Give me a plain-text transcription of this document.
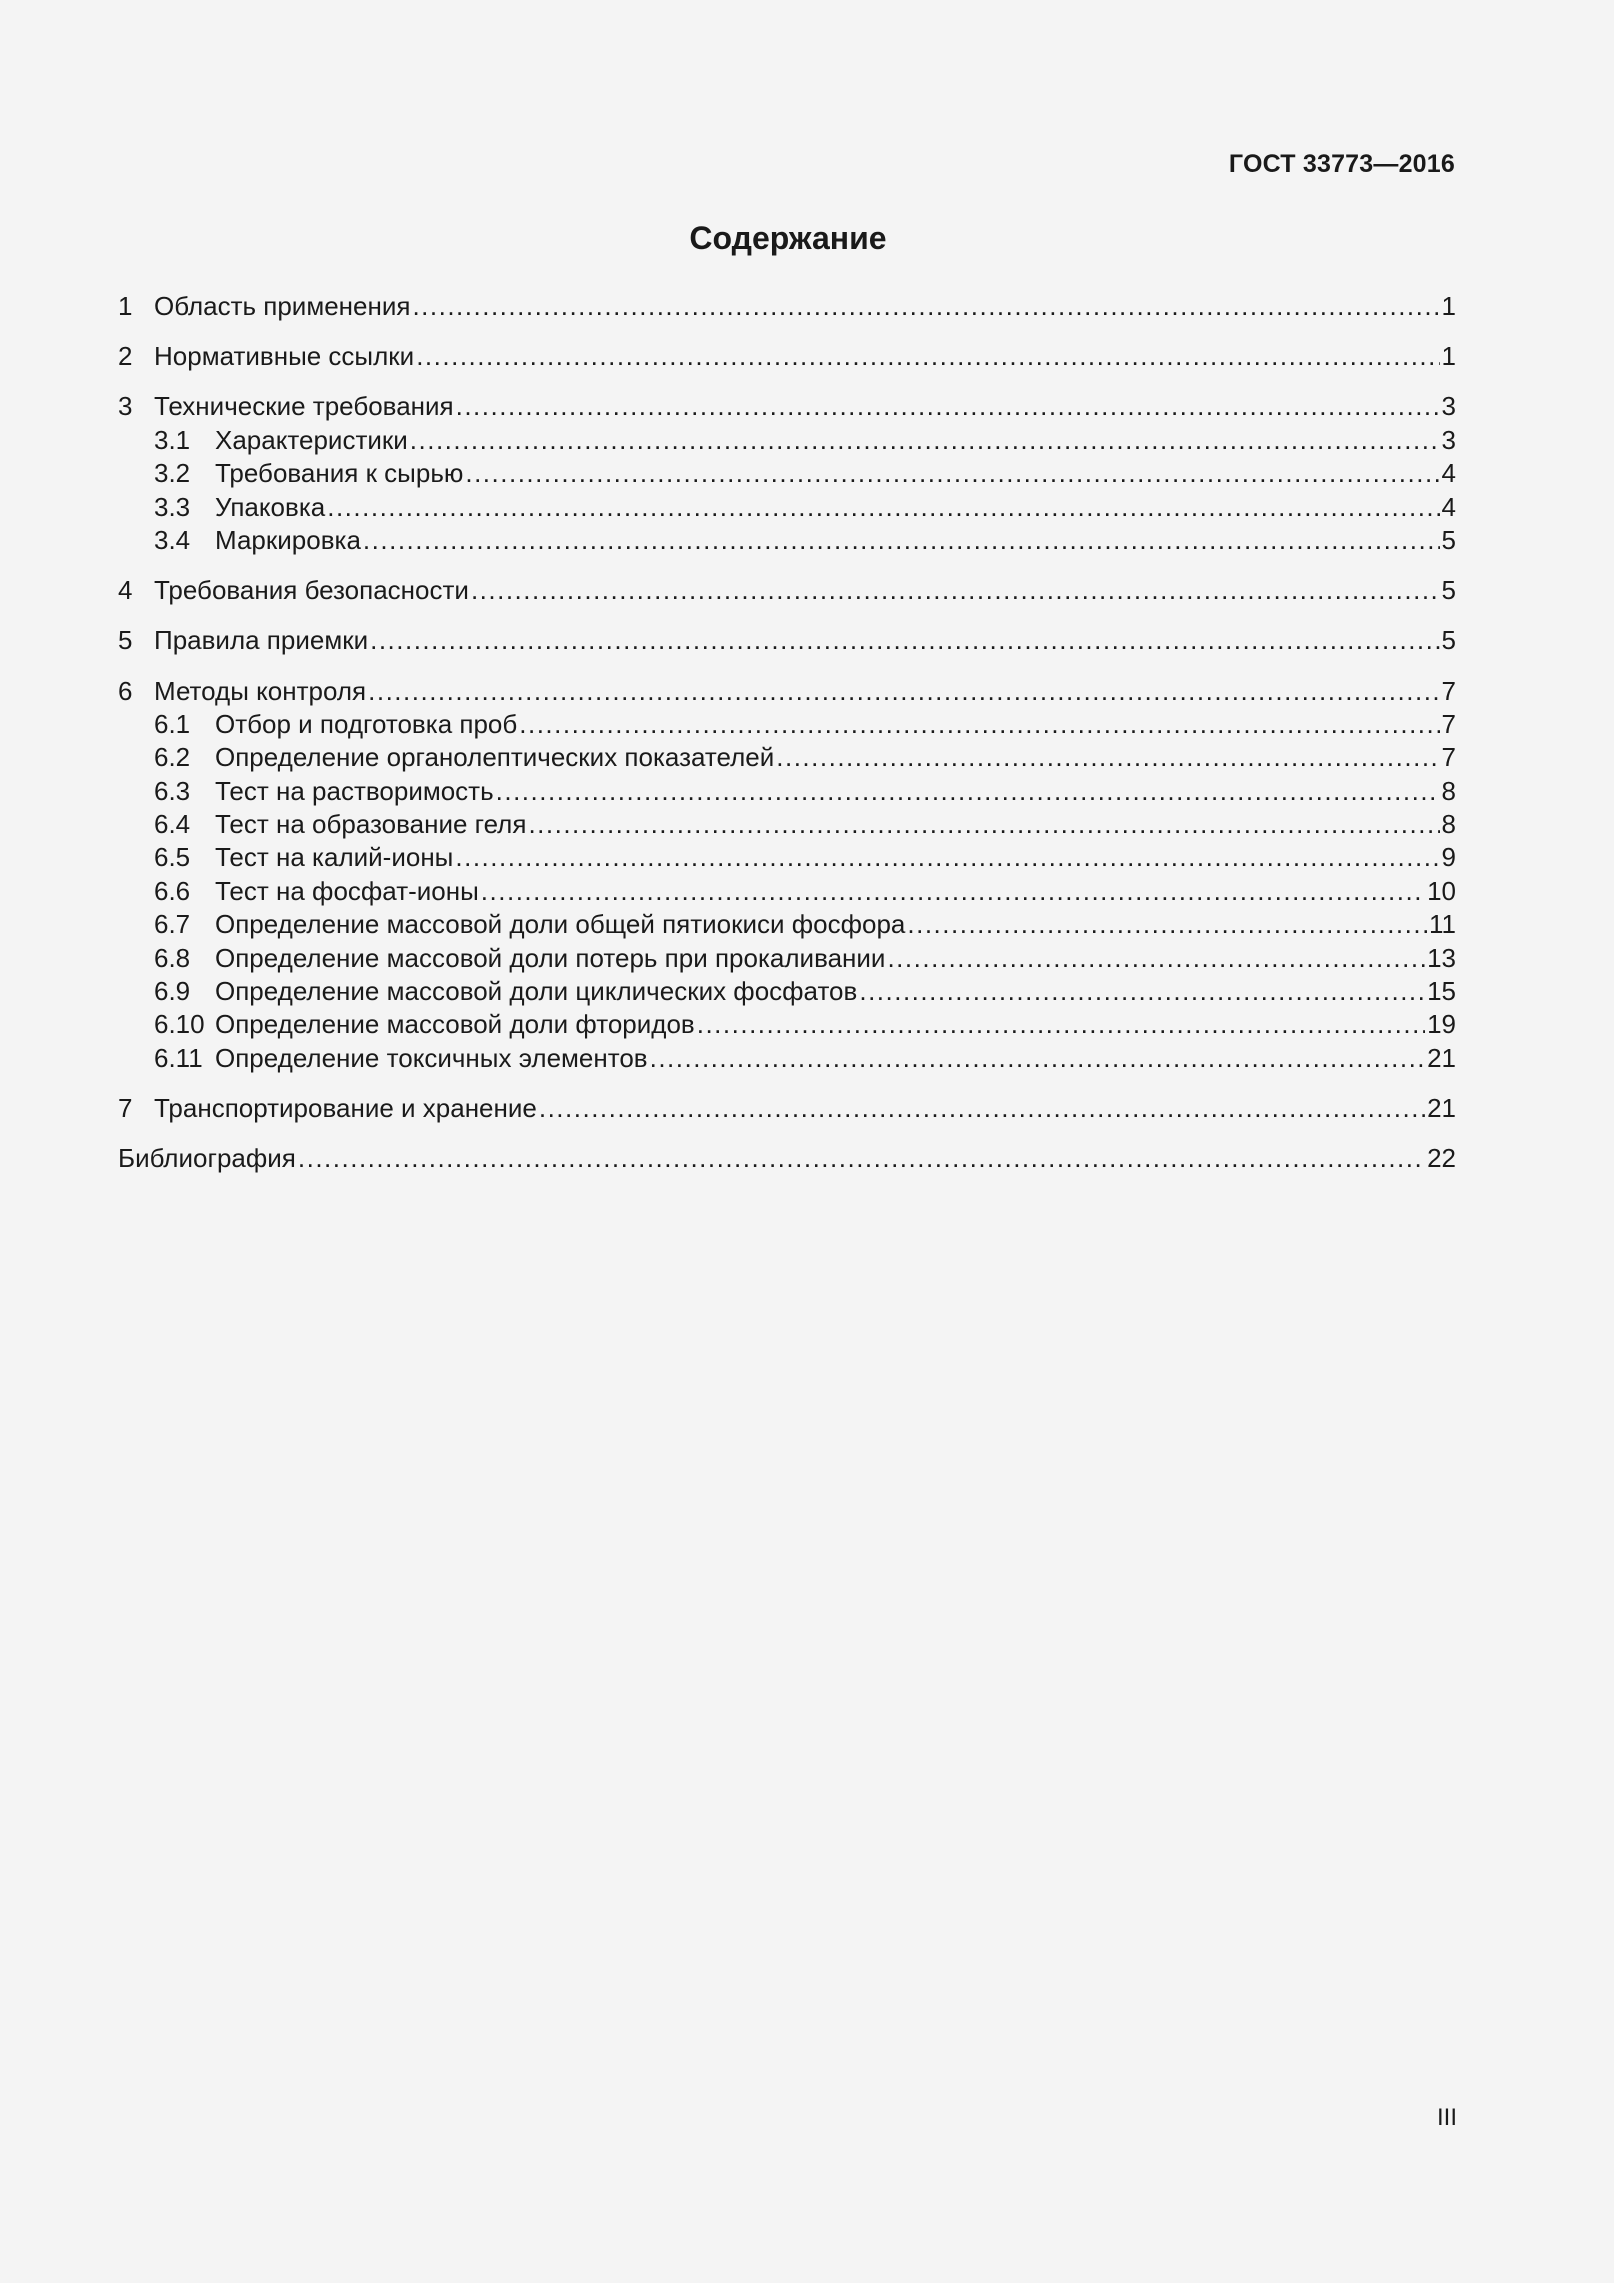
ГОСТ 33773—2016
Содержание
1 Область применения .....	1
2 Нормативные ссылки .....	1
3 Технические требования .....	3
3.1 Характеристики .....	3
3.2 Требования к сырью .....	4
3.3 Упаковка .....	4
3.4 Маркировка .....	5
4 Требования безопасности .....	5
5 Правила приемки .....	5
6 Методы контроля .....	7
6.1 Отбор и подготовка проб .....	7
6.2 Определение органолептических показателей .....	7
6.3 Тест на растворимость .....	8
6.4 Тест на образование геля .....	8
6.5 Тест на калий-ионы .....	9
6.6 Тест на фосфат-ионы .....	10
6.7 Определение массовой доли общей пятиокиси фосфора .....	11
6.8 Определение массовой доли потерь при прокаливании .....	13
6.9 Определение массовой доли циклических фосфатов .....	15
6.10 Определение массовой доли фторидов .....	19
6.11 Определение токсичных элементов .....	21
7 Транспортирование и хранение .....	21
Библиография .....	22
III
